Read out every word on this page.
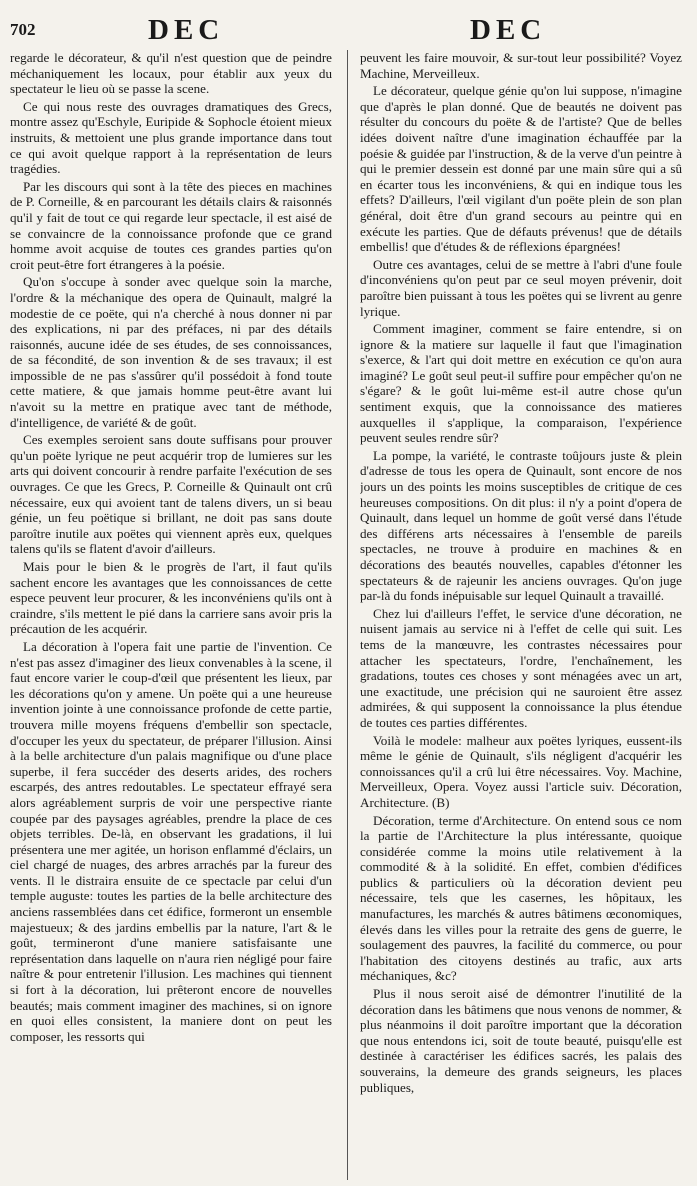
702	DEC	DEC

regarde le décorateur, & qu'il n'est question que de peindre méchaniquement les locaux, pour établir aux yeux du spectateur le lieu où se passe la scene.

Ce qui nous reste des ouvrages dramatiques des Grecs, montre assez qu'Eschyle, Euripide & Sophocle étoient mieux instruits, & mettoient une plus grande importance dans tout ce qui avoit quelque rapport à la représentation de leurs tragédies.

Par les discours qui sont à la tête des pieces en machines de P. Corneille, & en parcourant les détails clairs & raisonnés qu'il y fait de tout ce qui regarde leur spectacle, il est aisé de se convaincre de la connoissance profonde que ce grand homme avoit acquise de toutes ces grandes parties qu'on croit peut-être fort étrangeres à la poésie.

Qu'on s'occupe à sonder avec quelque soin la marche, l'ordre & la méchanique des opera de Quinault, malgré la modestie de ce poëte, qui n'a cherché à nous donner ni par des explications, ni par des préfaces, ni par des détails raisonnés, aucune idée de ses études, de ses connoissances, de sa fécondité, de son invention & de ses travaux; il est impossible de ne pas s'assûrer qu'il possédoit à fond toute cette matiere, & que jamais homme peut-être avant lui n'avoit su la mettre en pratique avec tant de méthode, d'intelligence, de variété & de goût.

Ces exemples seroient sans doute suffisans pour prouver qu'un poëte lyrique ne peut acquérir trop de lumieres sur les arts qui doivent concourir à rendre parfaite l'exécution de ses ouvrages. Ce que les Grecs, P. Corneille & Quinault ont crû nécessaire, eux qui avoient tant de talens divers, un si beau génie, un feu poëtique si brillant, ne doit pas sans doute paroître inutile aux poëtes qui viennent après eux, quelques talens qu'ils se flatent d'avoir d'ailleurs.

Mais pour le bien & le progrès de l'art, il faut qu'ils sachent encore les avantages que les connoissances de cette espece peuvent leur procurer, & les inconvéniens qu'ils ont à craindre, s'ils mettent le pié dans la carriere sans avoir pris la précaution de les acquérir.

La décoration à l'opera fait une partie de l'invention. Ce n'est pas assez d'imaginer des lieux convenables à la scene, il faut encore varier le coup-d'œil que présentent les lieux, par les décorations qu'on y amene. Un poëte qui a une heureuse invention jointe à une connoissance profonde de cette partie, trouvera mille moyens fréquens d'embellir son spectacle, d'occuper les yeux du spectateur, de préparer l'illusion. Ainsi à la belle architecture d'un palais magnifique ou d'une place superbe, il fera succéder des deserts arides, des rochers escarpés, des antres redoutables. Le spectateur effrayé sera alors agréablement surpris de voir une perspective riante coupée par des paysages agréables, prendre la place de ces objets terribles. De-là, en observant les gradations, il lui présentera une mer agitée, un horison enflammé d'éclairs, un ciel chargé de nuages, des arbres arrachés par la fureur des vents. Il le distraira ensuite de ce spectacle par celui d'un temple auguste: toutes les parties de la belle architecture des anciens rassemblées dans cet édifice, formeront un ensemble majestueux; & des jardins embellis par la nature, l'art & le goût, termineront d'une maniere satisfaisante une représentation dans laquelle on n'aura rien négligé pour faire naître & pour entretenir l'illusion. Les machines qui tiennent si fort à la décoration, lui prêteront encore de nouvelles beautés; mais comment imaginer des machines, si on ignore en quoi elles consistent, la maniere dont on peut les composer, les ressorts qui

peuvent les faire mouvoir, & sur-tout leur possibilité? Voyez Machine, Merveilleux.

Le décorateur, quelque génie qu'on lui suppose, n'imagine que d'après le plan donné. Que de beautés ne doivent pas résulter du concours du poëte & de l'artiste? Que de belles idées doivent naître d'une imagination échauffée par la poésie & guidée par l'instruction, & de la verve d'un peintre à qui le premier dessein est donné par une main sûre qui a sû en écarter tous les inconvéniens, & qui en indique tous les effets? D'ailleurs, l'œil vigilant d'un poëte plein de son plan général, doit être d'un grand secours au peintre qui en exécute les parties. Que de défauts prévenus! que de détails embellis! que d'études & de réflexions épargnées!

Outre ces avantages, celui de se mettre à l'abri d'une foule d'inconvéniens qu'on peut par ce seul moyen prévenir, doit paroître bien puissant à tous les poëtes qui se livrent au genre lyrique.

Comment imaginer, comment se faire entendre, si on ignore & la matiere sur laquelle il faut que l'imagination s'exerce, & l'art qui doit mettre en exécution ce qu'on aura imaginé? Le goût seul peut-il suffire pour empêcher qu'on ne s'égare? & le goût lui-même est-il autre chose qu'un sentiment exquis, que la connoissance des matieres auxquelles il s'applique, la comparaison, l'expérience peuvent seules rendre sûr?

La pompe, la variété, le contraste toûjours juste & plein d'adresse de tous les opera de Quinault, sont encore de nos jours un des points les moins susceptibles de critique de ces heureuses compositions. On dit plus: il n'y a point d'opera de Quinault, dans lequel un homme de goût versé dans l'étude des différens arts nécessaires à l'ensemble de pareils spectacles, ne trouve à produire en machines & en décorations des beautés nouvelles, capables d'étonner les spectateurs & de rajeunir les anciens ouvrages. Qu'on juge par-là du fonds inépuisable sur lequel Quinault a travaillé.

Chez lui d'ailleurs l'effet, le service d'une décoration, ne nuisent jamais au service ni à l'effet de celle qui suit. Les tems de la manœuvre, les contrastes nécessaires pour attacher les spectateurs, l'ordre, l'enchaînement, les gradations, toutes ces choses y sont ménagées avec un art, une exactitude, une précision qui ne sauroient être assez admirées, & qui supposent la connoissance la plus étendue de toutes ces parties différentes.

Voilà le modele: malheur aux poëtes lyriques, eussent-ils même le génie de Quinault, s'ils négligent d'acquérir les connoissances qu'il a crû lui être nécessaires. Voy. Machine, Merveilleux, Opera. Voyez aussi l'article suiv. Décoration, Architecture. (B)

Décoration, terme d'Architecture. On entend sous ce nom la partie de l'Architecture la plus intéressante, quoique considérée comme la moins utile relativement à la commodité & à la solidité. En effet, combien d'édifices publics & particuliers où la décoration devient peu nécessaire, tels que les casernes, les hôpitaux, les manufactures, les marchés & autres bâtimens œconomiques, élevés dans les villes pour la retraite des gens de guerre, le soulagement des pauvres, la facilité du commerce, ou pour l'habitation des citoyens destinés au trafic, aux arts méchaniques, &c?

Plus il nous seroit aisé de démontrer l'inutilité de la décoration dans les bâtimens que nous venons de nommer, & plus néanmoins il doit paroître important que la décoration que nous entendons ici, soit de toute beauté, puisqu'elle est destinée à caractériser les édifices sacrés, les palais des souverains, la demeure des grands seigneurs, les places publiques,
